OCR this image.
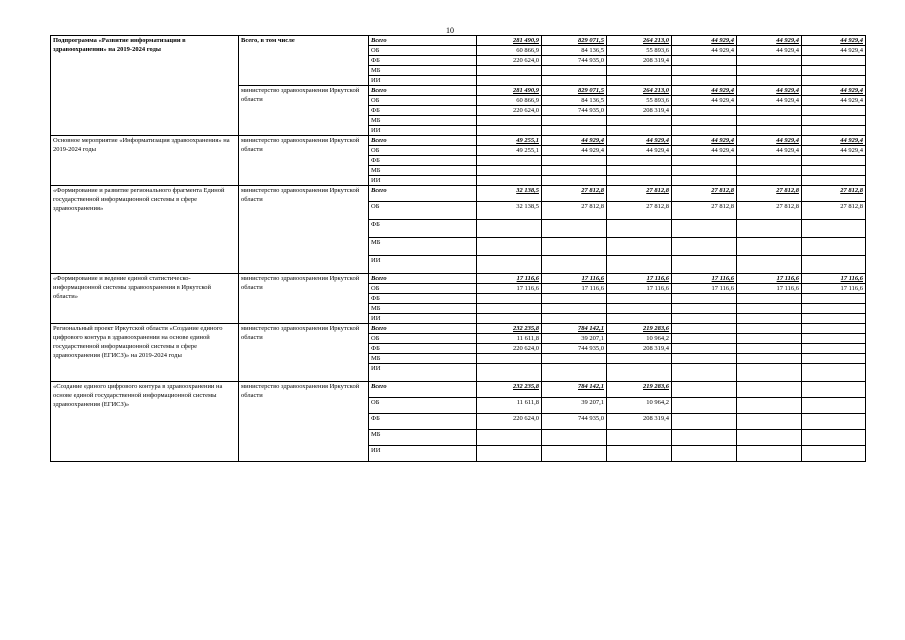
10
Подпрограмма «Развитие информатизации в здравоохранении» на 2019-2024 годы	Всего, в том числе	Всего	281 490,9	829 071,5	264 213,0	44 929,4	44 929,4	44 929,4
		ОБ	60 866,9	84 136,5	55 893,6	44 929,4	44 929,4	44 929,4
		ФБ	220 624,0	744 935,0	208 319,4			
		МБ						
		ИИ						
	министерство здравоохранения Иркутской области	Всего	281 490,9	829 071,5	264 213,0	44 929,4	44 929,4	44 929,4
		ОБ	60 866,9	84 136,5	55 893,6	44 929,4	44 929,4	44 929,4
		ФБ	220 624,0	744 935,0	208 319,4			
		МБ						
		ИИ						
Основное мероприятие «Информатизация здравоохранения» на 2019-2024 годы	министерство здравоохранения Иркутской области	Всего	49 255,1	44 929,4	44 929,4	44 929,4	44 929,4	44 929,4
		ОБ	49 255,1	44 929,4	44 929,4	44 929,4	44 929,4	44 929,4
		ФБ						
		МБ						
		ИИ						
«Формирование и развитие регионального фрагмента Единой государственной информационной системы в сфере здравоохранения»	министерство здравоохранения Иркутской области	Всего	32 138,5	27 812,8	27 812,8	27 812,8	27 812,8	27 812,8
		ОБ	32 138,5	27 812,8	27 812,8	27 812,8	27 812,8	27 812,8
		ФБ						
		МБ						
		ИИ						
«Формирование и ведение единой статистическо-информационной системы здравоохранения в Иркутской области»	министерство здравоохранения Иркутской области	Всего	17 116,6	17 116,6	17 116,6	17 116,6	17 116,6	17 116,6
		ОБ	17 116,6	17 116,6	17 116,6	17 116,6	17 116,6	17 116,6
		ФБ						
		МБ						
		ИИ						
Региональный проект Иркутской области «Создание единого цифрового контура в здравоохранении на основе единой государственной информационной системы в сфере здравоохранения (ЕГИСЗ)» на 2019-2024 годы	министерство здравоохранения Иркутской области	Всего	232 235,8	784 142,1	219 283,6			
		ОБ	11 611,8	39 207,1	10 964,2			
		ФБ	220 624,0	744 935,0	208 319,4			
		МБ						
		ИИ						
«Создание единого цифрового контура в здравоохранении на основе единой государственной информационной системы здравоохранения (ЕГИСЗ)»	министерство здравоохранения Иркутской области	Всего	232 235,8	784 142,1	219 283,6			
		ОБ	11 611,8	39 207,1	10 964,2			
		ФБ	220 624,0	744 935,0	208 319,4			
		МБ						
		ИИ						
